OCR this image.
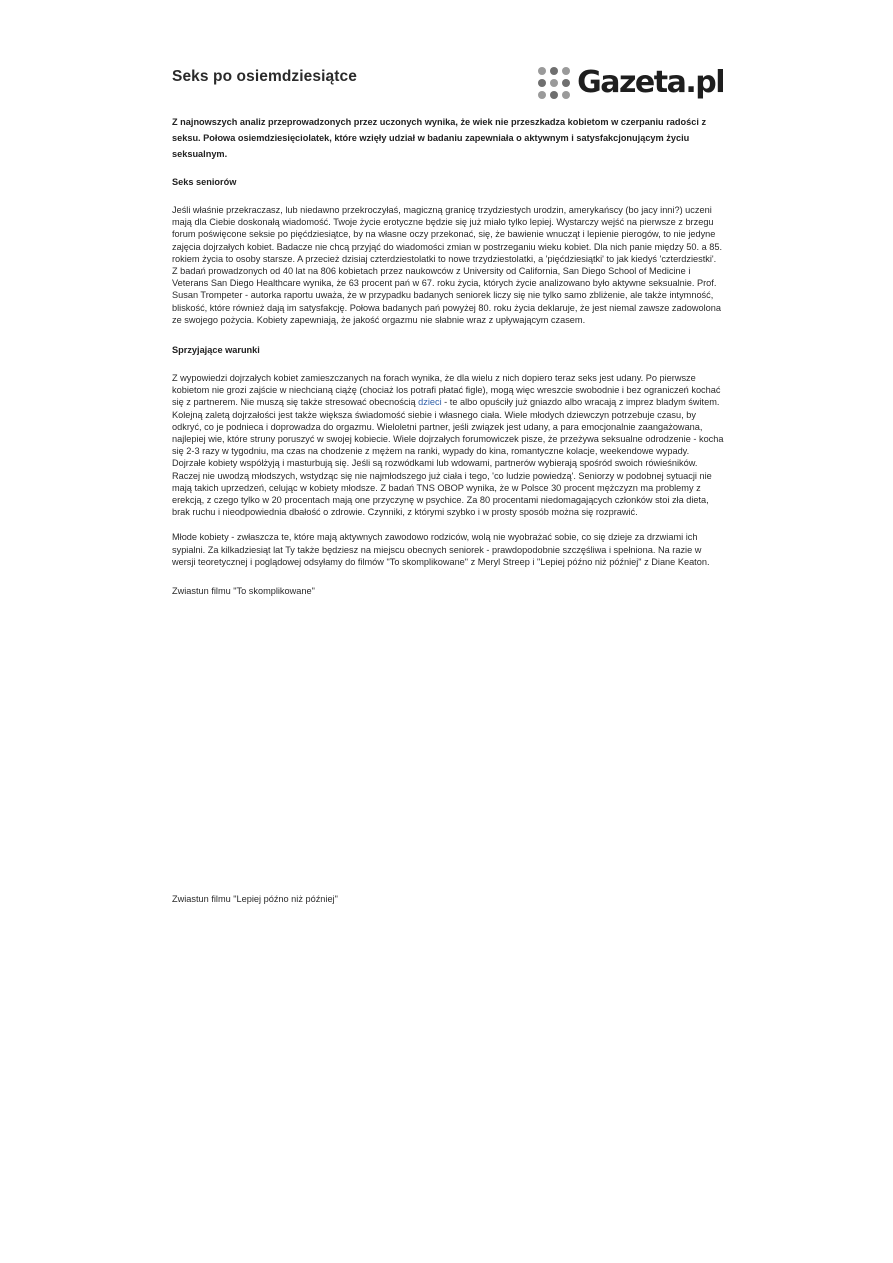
Seks po osiemdziesiątce	Gazeta.pl

Z najnowszych analiz przeprowadzonych przez uczonych wynika, że wiek nie przeszkadza kobietom w czerpaniu radości z seksu. Połowa osiemdziesięciolatek, które wzięły udział w badaniu zapewniała o aktywnym i satysfakcjonującym życiu seksualnym.

Seks seniorów

Jeśli właśnie przekraczasz, lub niedawno przekroczyłaś, magiczną granicę trzydziestych urodzin, amerykańscy (bo jacy inni?) uczeni mają dla Ciebie doskonałą wiadomość. Twoje życie erotyczne będzie się już miało tylko lepiej. Wystarczy wejść na pierwsze z brzegu forum poświęcone seksie po pięćdziesiątce, by na własne oczy przekonać, się, że bawienie wnucząt i lepienie pierogów, to nie jedyne zajęcia dojrzałych kobiet. Badacze nie chcą przyjąć do wiadomości zmian w postrzeganiu wieku kobiet. Dla nich panie między 50. a 85. rokiem życia to osoby starsze. A przecież dzisiaj czterdziestolatki to nowe trzydziestolatki, a 'pięćdziesiątki' to jak kiedyś 'czterdziestki'. Z badań prowadzonych od 40 lat na 806 kobietach przez naukowców z University od California, San Diego School of Medicine i Veterans San Diego Healthcare wynika, że 63 procent pań w 67. roku życia, których życie analizowano było aktywne seksualnie. Prof. Susan Trompeter - autorka raportu uważa, że w przypadku badanych seniorek liczy się nie tylko samo zbliżenie, ale także intymność, bliskość, które również dają im satysfakcję. Połowa badanych pań powyżej 80. roku życia deklaruje, że jest niemal zawsze zadowolona ze swojego pożycia. Kobiety zapewniają, że jakość orgazmu nie słabnie wraz z upływającym czasem.

Sprzyjające warunki

Z wypowiedzi dojrzałych kobiet zamieszczanych na forach wynika, że dla wielu z nich dopiero teraz seks jest udany. Po pierwsze kobietom nie grozi zajście w niechcianą ciążę (chociaż los potrafi płatać figle), mogą więc wreszcie swobodnie i bez ograniczeń kochać się z partnerem. Nie muszą się także stresować obecnością dzieci - te albo opuściły już gniazdo albo wracają z imprez bladym świtem. Kolejną zaletą dojrzałości jest także większa świadomość siebie i własnego ciała. Wiele młodych dziewczyn potrzebuje czasu, by odkryć, co je podnieca i doprowadza do orgazmu. Wieloletni partner, jeśli związek jest udany, a para emocjonalnie zaangażowana, najlepiej wie, które struny poruszyć w swojej kobiecie. Wiele dojrzałych forumowiczek pisze, że przeżywa seksualne odrodzenie - kocha się 2-3 razy w tygodniu, ma czas na chodzenie z mężem na ranki, wypady do kina, romantyczne kolacje, weekendowe wypady. Dojrzałe kobiety współżyją i masturbują się. Jeśli są rozwódkami lub wdowami, partnerów wybierają spośród swoich rówieśników. Raczej nie uwodzą młodszych, wstydząc się nie najmłodszego już ciała i tego, 'co ludzie powiedzą'. Seniorzy w podobnej sytuacji nie mają takich uprzedzeń, celując w kobiety młodsze. Z badań TNS OBOP wynika, że w Polsce 30 procent mężczyzn ma problemy z erekcją, z czego tylko w 20 procentach mają one przyczynę w psychice. Za 80 procentami niedomagających członków stoi zła dieta, brak ruchu i nieodpowiednia dbałość o zdrowie. Czynniki, z którymi szybko i w prosty sposób można się rozprawić.

Młode kobiety - zwłaszcza te, które mają aktywnych zawodowo rodziców, wolą nie wyobrażać sobie, co się dzieje za drzwiami ich sypialni. Za kilkadziesiąt lat Ty także będziesz na miejscu obecnych seniorek - prawdopodobnie szczęśliwa i spełniona. Na razie w wersji teoretycznej i poglądowej odsyłamy do filmów "To skomplikowane" z Meryl Streep i "Lepiej późno niż później" z Diane Keaton.

Zwiastun filmu "To skomplikowane"

Zwiastun filmu "Lepiej późno niż później"
